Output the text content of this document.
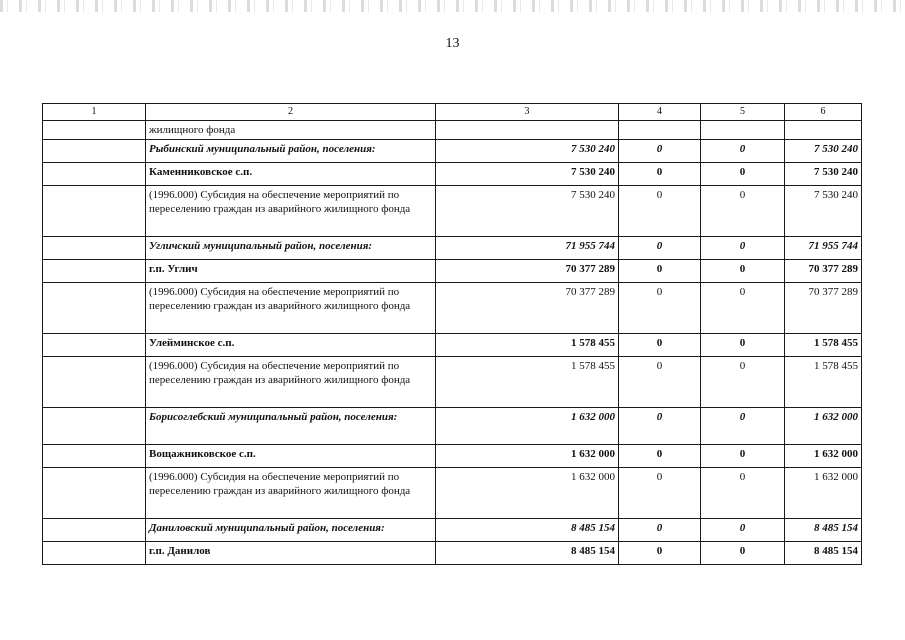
13
1	2	3	4	5	6
	жилищного фонда				
	Рыбинский муниципальный район, поселения:	7 530 240	0	0	7 530 240
	Каменниковское с.п.	7 530 240	0	0	7 530 240
	(1996.000) Субсидия на обеспечение мероприятий по переселению граждан из аварийного жилищного фонда	7 530 240	0	0	7 530 240
	Угличский муниципальный район, поселения:	71 955 744	0	0	71 955 744
	г.п. Углич	70 377 289	0	0	70 377 289
	(1996.000) Субсидия на обеспечение мероприятий по переселению граждан из аварийного жилищного фонда	70 377 289	0	0	70 377 289
	Улейминское с.п.	1 578 455	0	0	1 578 455
	(1996.000) Субсидия на обеспечение мероприятий по переселению граждан из аварийного жилищного фонда	1 578 455	0	0	1 578 455
	Борисоглебский муниципальный район, поселения:	1 632 000	0	0	1 632 000
	Вощажниковское с.п.	1 632 000	0	0	1 632 000
	(1996.000) Субсидия на обеспечение мероприятий по переселению граждан из аварийного жилищного фонда	1 632 000	0	0	1 632 000
	Даниловский муниципальный район, поселения:	8 485 154	0	0	8 485 154
	г.п. Данилов	8 485 154	0	0	8 485 154
